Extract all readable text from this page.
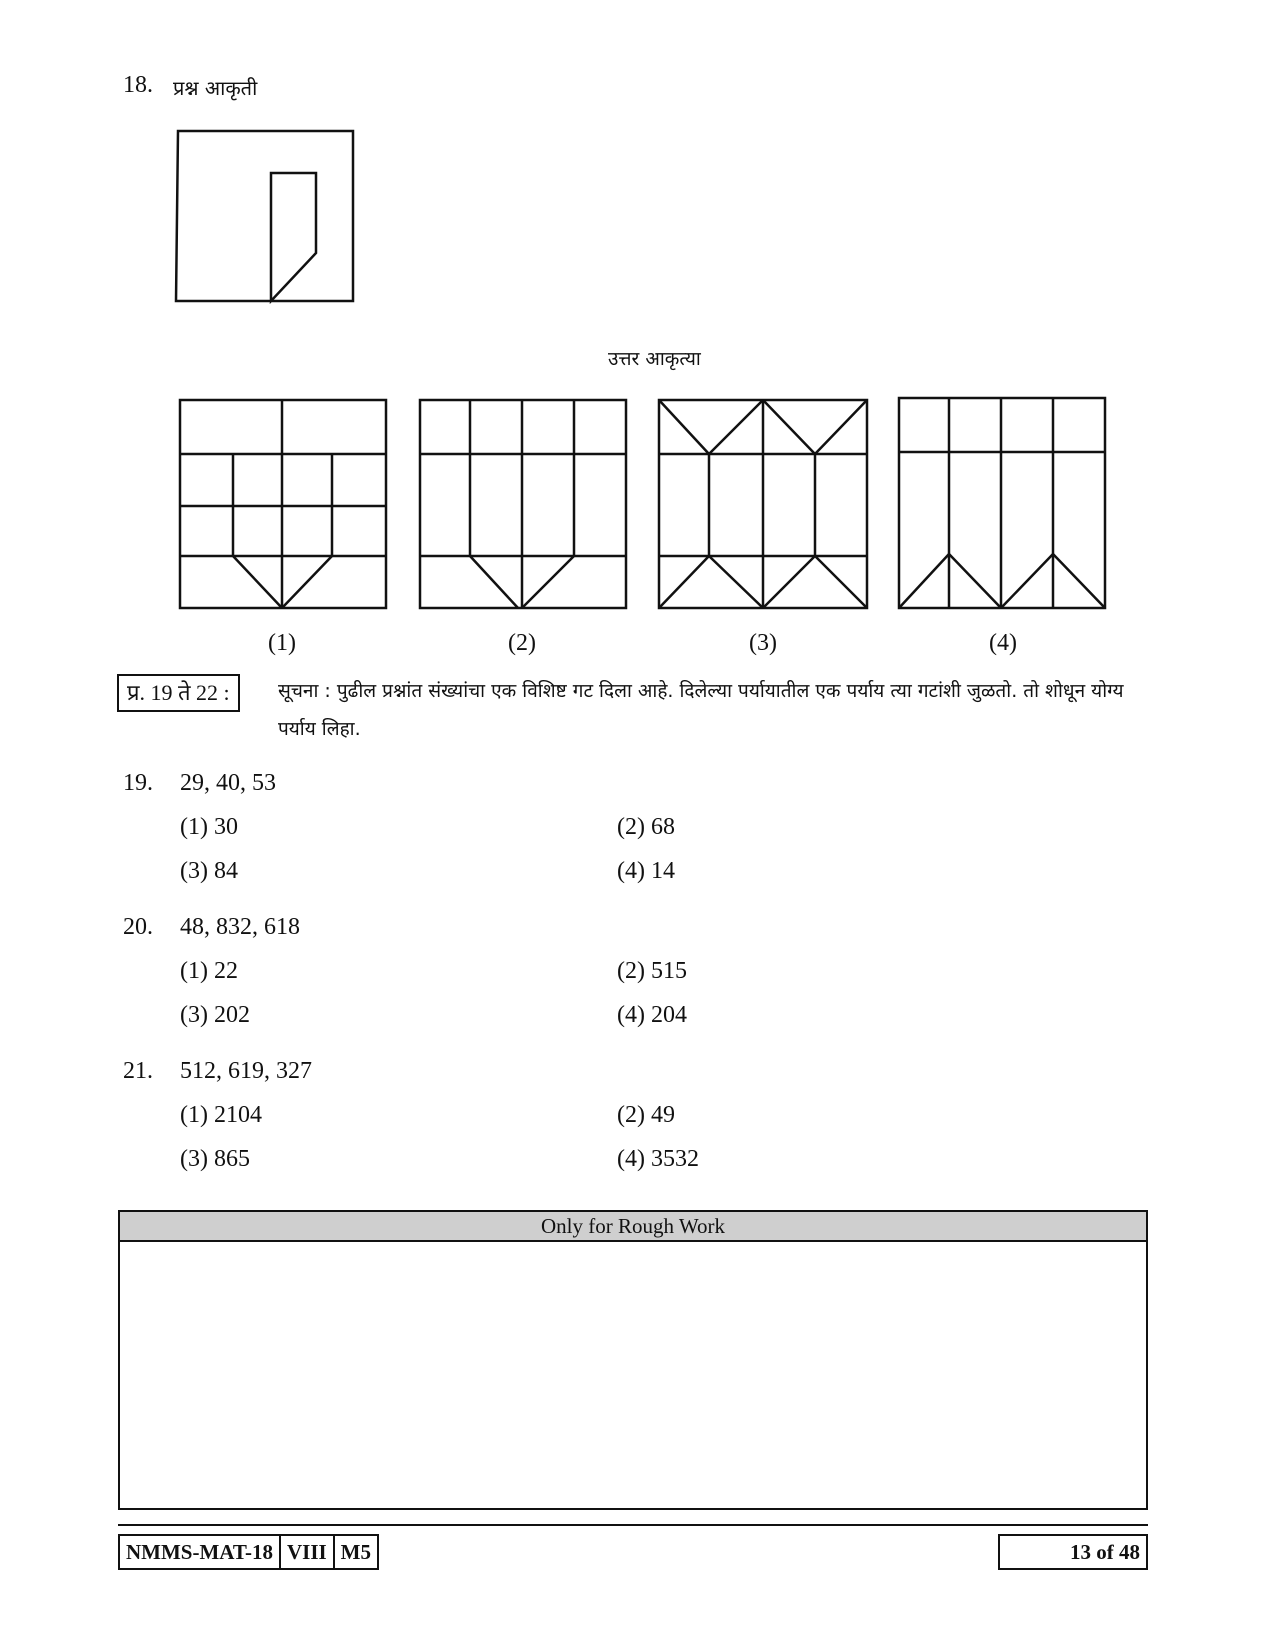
18. प्रश्न आकृती
उत्तर आकृत्या
(1)	(2)	(3)	(4)
प्र. 19 ते 22 :	सूचना : पुढील प्रश्नांत संख्यांचा एक विशिष्ट गट दिला आहे. दिलेल्या पर्यायातील एक पर्याय त्या गटांशी जुळतो. तो शोधून योग्य पर्याय लिहा.
19. 29, 40, 53
(1) 30	(2) 68
(3) 84	(4) 14
20. 48, 832, 618
(1) 22	(2) 515
(3) 202	(4) 204
21. 512, 619, 327
(1) 2104	(2) 49
(3) 865	(4) 3532
Only for Rough Work
NMMS-MAT-18 VIII M5	13 of 48
